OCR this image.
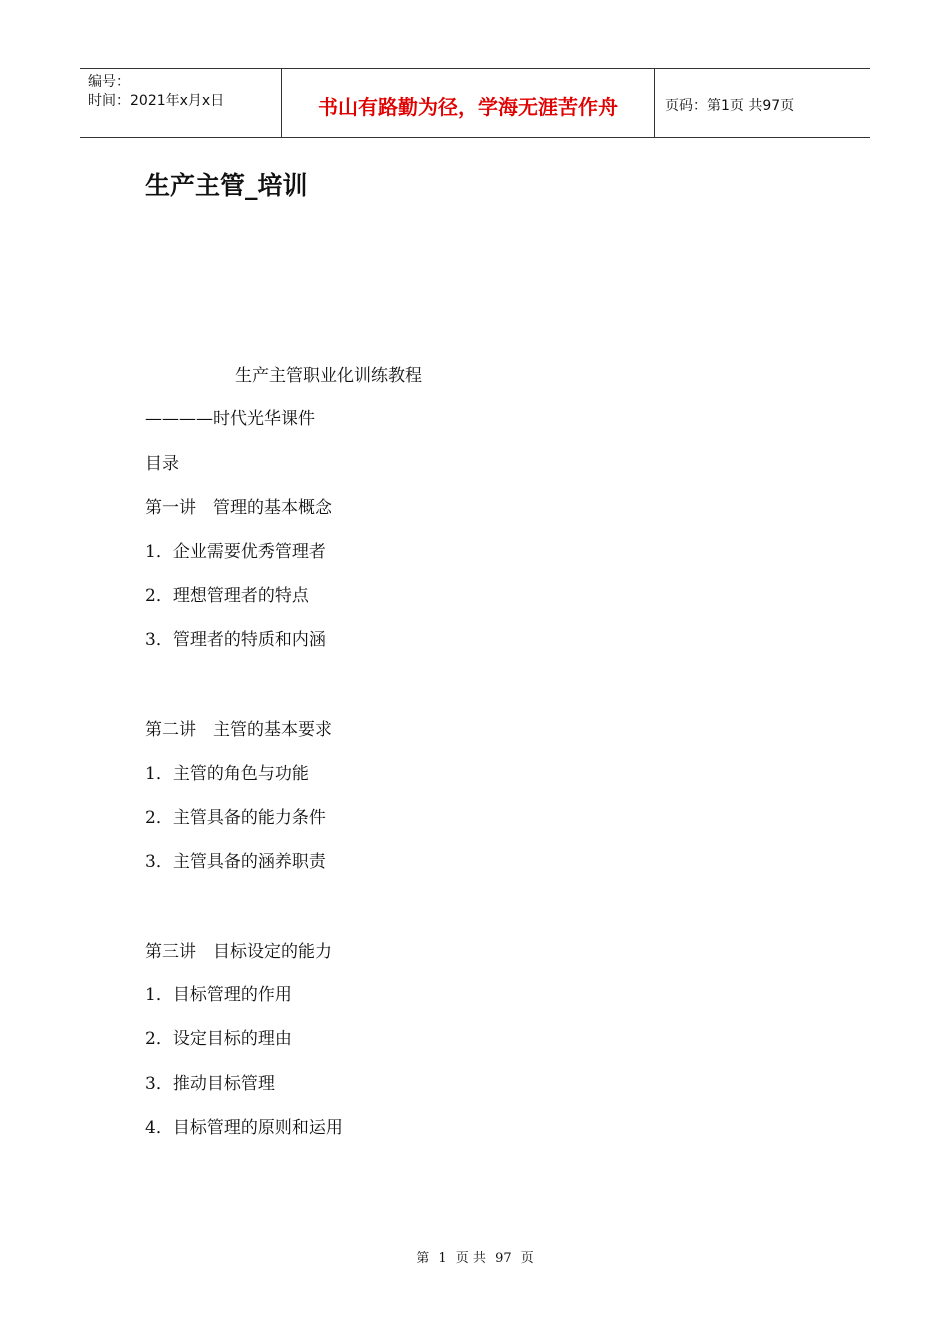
编号：
时间：2021年x月x日	书山有路勤为径，学海无涯苦作舟	页码：第1页 共97页
生产主管_培训
生产主管职业化训练教程
————时代光华课件
目录
第一讲　管理的基本概念
1．企业需要优秀管理者
2．理想管理者的特点
3．管理者的特质和内涵
第二讲　主管的基本要求
1．主管的角色与功能
2．主管具备的能力条件
3．主管具备的涵养职责
第三讲　目标设定的能力
1．目标管理的作用
2．设定目标的理由
3．推动目标管理
4．目标管理的原则和运用
第 1 页 共 97 页
